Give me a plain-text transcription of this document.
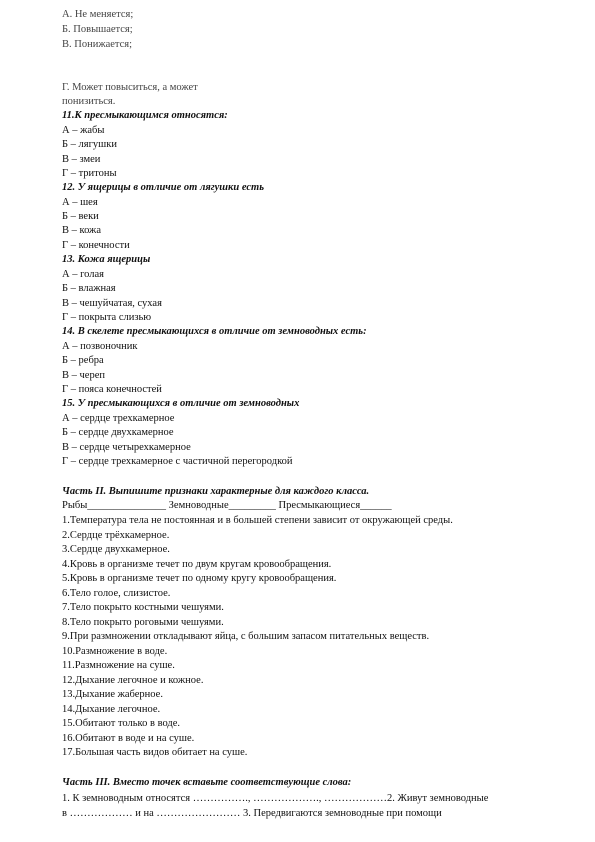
А. Не меняется;
Б. Повышается;
В. Понижается;
Г. Может повыситься, а может
понизиться.
11.К пресмыкающимся относятся:
А – жабы
Б – лягушки
В – змеи
Г – тритоны
12. У ящерицы в отличие от лягушки есть
А – шея
Б – веки
В – кожа
Г – конечности
13. Кожа ящерицы
А – голая
Б – влажная
В – чешуйчатая, сухая
Г – покрыта слизью
14. В скелете пресмыкающихся в отличие от земноводных есть:
А – позвоночник
Б – ребра
В – череп
Г – пояса конечностей
15. У пресмыкающихся в отличие от земноводных
А – сердце трехкамерное
Б – сердце двухкамерное
В – сердце четырехкамерное
Г – сердце трехкамерное с частичной перегородкой
Часть II. Выпишите признаки характерные для каждого класса.
Рыбы_______________ Земноводные_________ Пресмыкающиеся______
1.Температура тела не постоянная и в большей степени зависит от окружающей среды.
2.Сердце трёхкамерное.
3.Сердце двухкамерное.
4.Кровь в организме течет по двум кругам кровообращения.
5.Кровь в организме течет по одному кругу кровообращения.
6.Тело голое, слизистое.
7.Тело покрыто костными чешуями.
8.Тело покрыто роговыми чешуями.
9.При размножении откладывают яйца, с большим запасом питательных веществ.
10.Размножение в воде.
11.Размножение на суше.
12.Дыхание легочное и кожное.
13.Дыхание жаберное.
14.Дыхание легочное.
15.Обитают только в воде.
16.Обитают в воде и на суше.
17.Большая часть видов обитает на суше.
Часть III. Вместо точек вставьте соответствующие слова:
1. К земноводным относятся ……………., ………………., ………………2. Живут земноводные
в ……………… и на …………………… 3. Передвигаются земноводные при помощи
